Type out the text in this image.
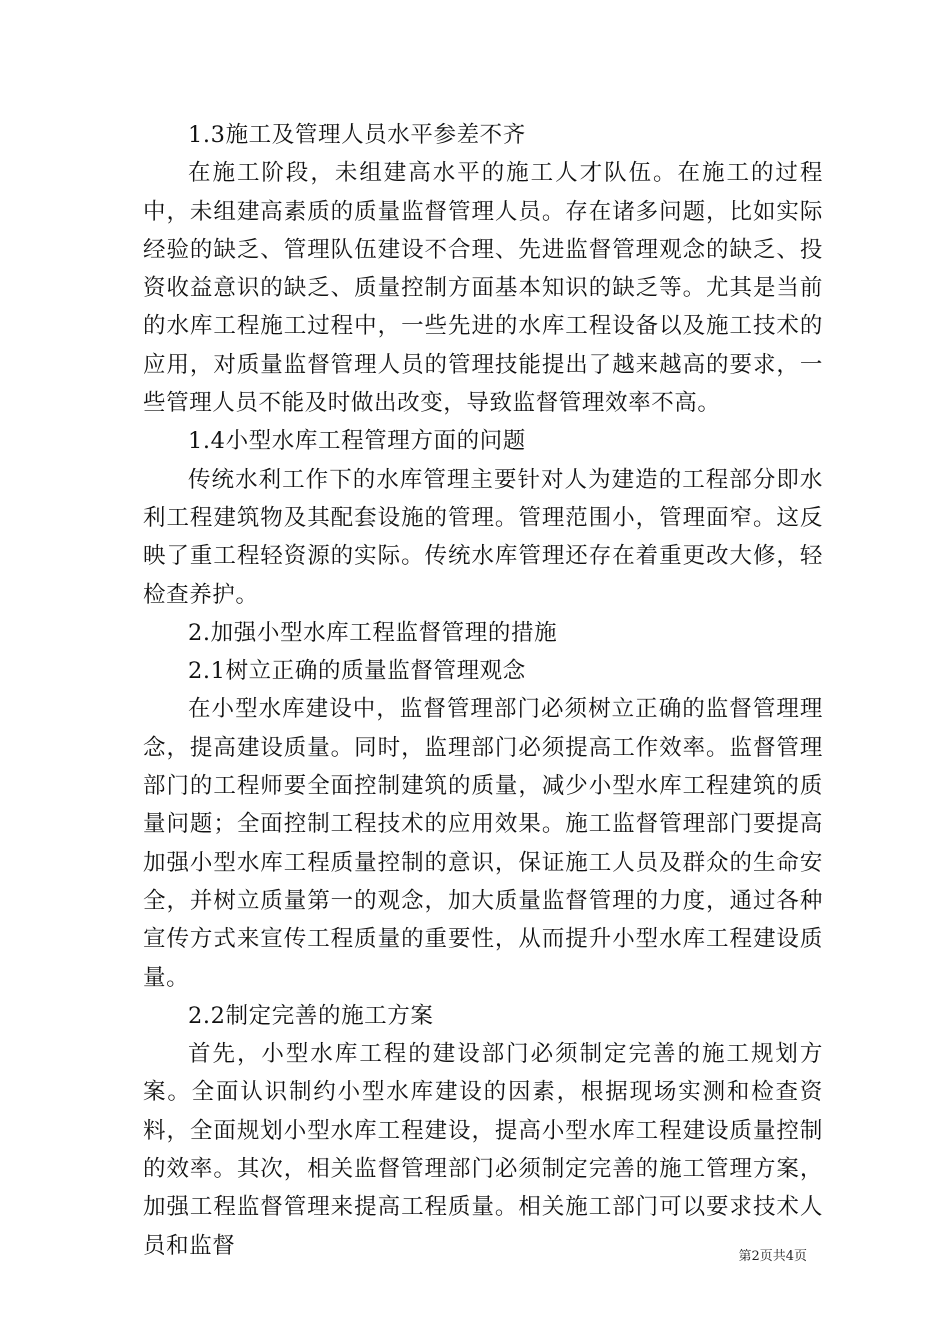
1.3施工及管理人员水平参差不齐

在施工阶段，未组建高水平的施工人才队伍。在施工的过程中，未组建高素质的质量监督管理人员。存在诸多问题，比如实际经验的缺乏、管理队伍建设不合理、先进监督管理观念的缺乏、投资收益意识的缺乏、质量控制方面基本知识的缺乏等。尤其是当前的水库工程施工过程中，一些先进的水库工程设备以及施工技术的应用，对质量监督管理人员的管理技能提出了越来越高的要求，一些管理人员不能及时做出改变，导致监督管理效率不高。

1.4小型水库工程管理方面的问题

传统水利工作下的水库管理主要针对人为建造的工程部分即水利工程建筑物及其配套设施的管理。管理范围小，管理面窄。这反映了重工程轻资源的实际。传统水库管理还存在着重更改大修，轻检查养护。

2.加强小型水库工程监督管理的措施

2.1树立正确的质量监督管理观念

在小型水库建设中，监督管理部门必须树立正确的监督管理理念，提高建设质量。同时，监理部门必须提高工作效率。监督管理部门的工程师要全面控制建筑的质量，减少小型水库工程建筑的质量问题；全面控制工程技术的应用效果。施工监督管理部门要提高加强小型水库工程质量控制的意识，保证施工人员及群众的生命安全，并树立质量第一的观念，加大质量监督管理的力度，通过各种宣传方式来宣传工程质量的重要性，从而提升小型水库工程建设质量。

2.2制定完善的施工方案

首先，小型水库工程的建设部门必须制定完善的施工规划方案。全面认识制约小型水库建设的因素，根据现场实测和检查资料，全面规划小型水库工程建设，提高小型水库工程建设质量控制的效率。其次，相关监督管理部门必须制定完善的施工管理方案，加强工程监督管理来提高工程质量。相关施工部门可以要求技术人员和监督	第2页共4页
